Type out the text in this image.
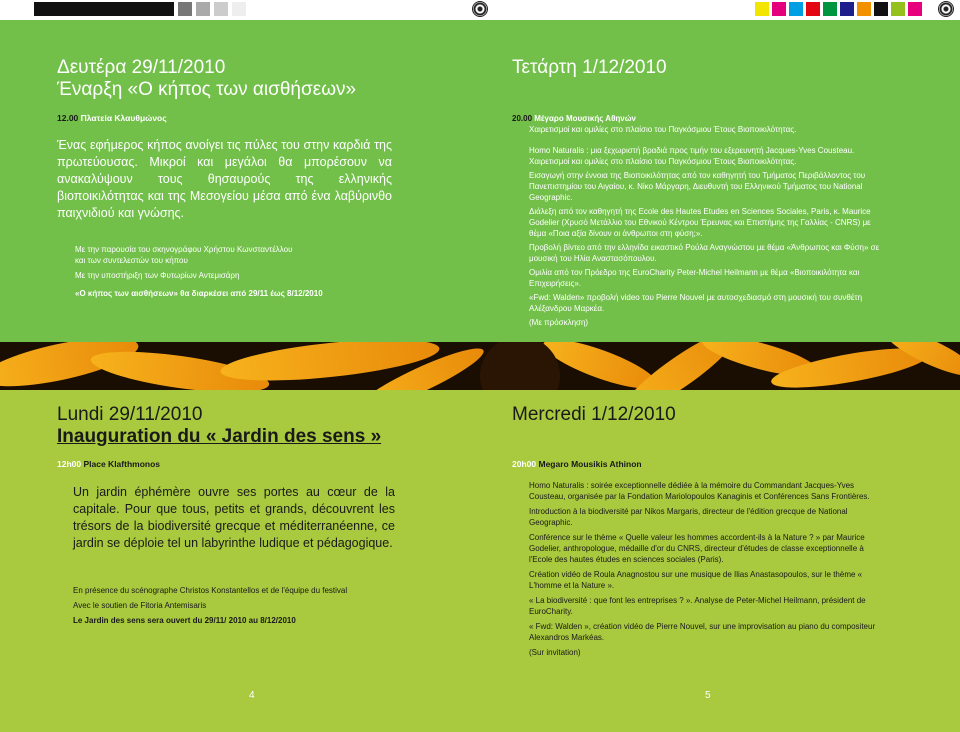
Δευτέρα 29/11/2010
Έναρξη «Ο κήπος των αισθήσεων»
12.00 Πλατεία Κλαυθμώνος
Ένας εφήμερος κήπος ανοίγει τις πύλες του στην καρδιά της πρωτεύουσας. Μικροί και μεγάλοι θα μπορέσουν να ανακαλύψουν τους θησαυρούς της ελληνικής βιοποικιλότητας και της Μεσογείου μέσα από ένα λαβύρινθο παιχνιδιού και γνώσης.
Με την παρουσία του σκηνογράφου Χρήστου Κωνσταντέλλου
και των συντελεστών του κήπου
Με την υποστήριξη των Φυτωρίων Αντεμισάρη
«Ο κήπος των αισθήσεων» θα διαρκέσει από 29/11 έως 8/12/2010
Τετάρτη 1/12/2010
20.00 Μέγαρο Μουσικής Αθηνών
Χαιρετισμοί και ομιλίες στο πλαίσιο του Παγκόσμιου Έτους Βιοποικιλότητας.
Homo Naturalis : μια ξεχωριστή βραδιά προς τιμήν του εξερευνητή Jacques-Yves Cousteau. Χαιρετισμοί και ομιλίες στο πλαίσιο του Παγκόσμιου Έτους Βιοποικιλότητας.
Εισαγωγή στην έννοια της Βιοποικιλότητας από τον καθηγητή του Τμήματος Περιβάλλοντος του Πανεπιστημίου του Αιγαίου, κ. Νίκο Μάργαρη, Διευθυντή του Ελληνικού Τμήματος του National Geographic.
Διάλεξη από τον καθηγητή της Ecole des Hautes Etudes en Sciences Sociales, Paris, κ. Maurice Godelier (Χρυσό Μετάλλιο του Εθνικού Κέντρου Έρευνας και Επιστήμης της Γαλλίας - CNRS) με θέμα «Ποια αξία δίνουν οι άνθρωποι στη φύση;».
Προβολή βίντεο από την ελληνίδα εικαστικό Ρούλα Αναγνώστου με θέμα «Άνθρωπος και Φύση» σε μουσική του Ηλία Αναστασόπουλου.
Ομιλία από τον Πρόεδρο της EuroCharity Peter-Michel Heilmann με θέμα «Βιοποικιλότητα και Επιχειρήσεις».
«Fwd: Walden» προβολή video του Pierre Nouvel με αυτοσχεδιασμό στη μουσική του συνθέτη Αλέξανδρου Μαρκέα.
(Με πρόσκληση)
Lundi 29/11/2010
Inauguration du « Jardin des sens »
12h00 Place Klafthmonos
Un jardin éphémère ouvre ses portes au cœur de la capitale. Pour que tous, petits et grands, découvrent les trésors de la biodiversité grecque et méditerranéenne, ce jardin se déploie tel un labyrinthe ludique et pédagogique.
En présence du scénographe Christos Konstantellos et de l'équipe du festival
Avec le soutien de Fitoria Antemisaris
Le Jardin des sens sera ouvert du 29/11/ 2010 au 8/12/2010
4
Mercredi 1/12/2010
20h00 Megaro Mousikis Athinon
Homo Naturalis : soirée exceptionnelle dédiée à la mémoire du Commandant Jacques-Yves Cousteau, organisée par la Fondation Mariolopoulos Kanaginis et Conférences Sans Frontières.
Introduction à la biodiversité par Nikos Margaris, directeur de l'édition grecque de National Geographic.
Conférence sur le thème « Quelle valeur les hommes accordent-ils à la Nature ? » par Maurice Godelier, anthropologue, médaille d'or du CNRS, directeur d'études de classe exceptionnelle à l'Ecole des hautes études en sciences sociales (Paris).
Création vidéo de Roula Anagnostou sur une musique de Ilias Anastasopoulos, sur le thème « L'homme et la Nature ».
« La biodiversité : que font les entreprises ? ». Analyse de Peter-Michel Heilmann, président de EuroCharity.
« Fwd: Walden », création vidéo de Pierre Nouvel, sur une improvisation au piano du compositeur Alexandros Markéas.
(Sur invitation)
5
